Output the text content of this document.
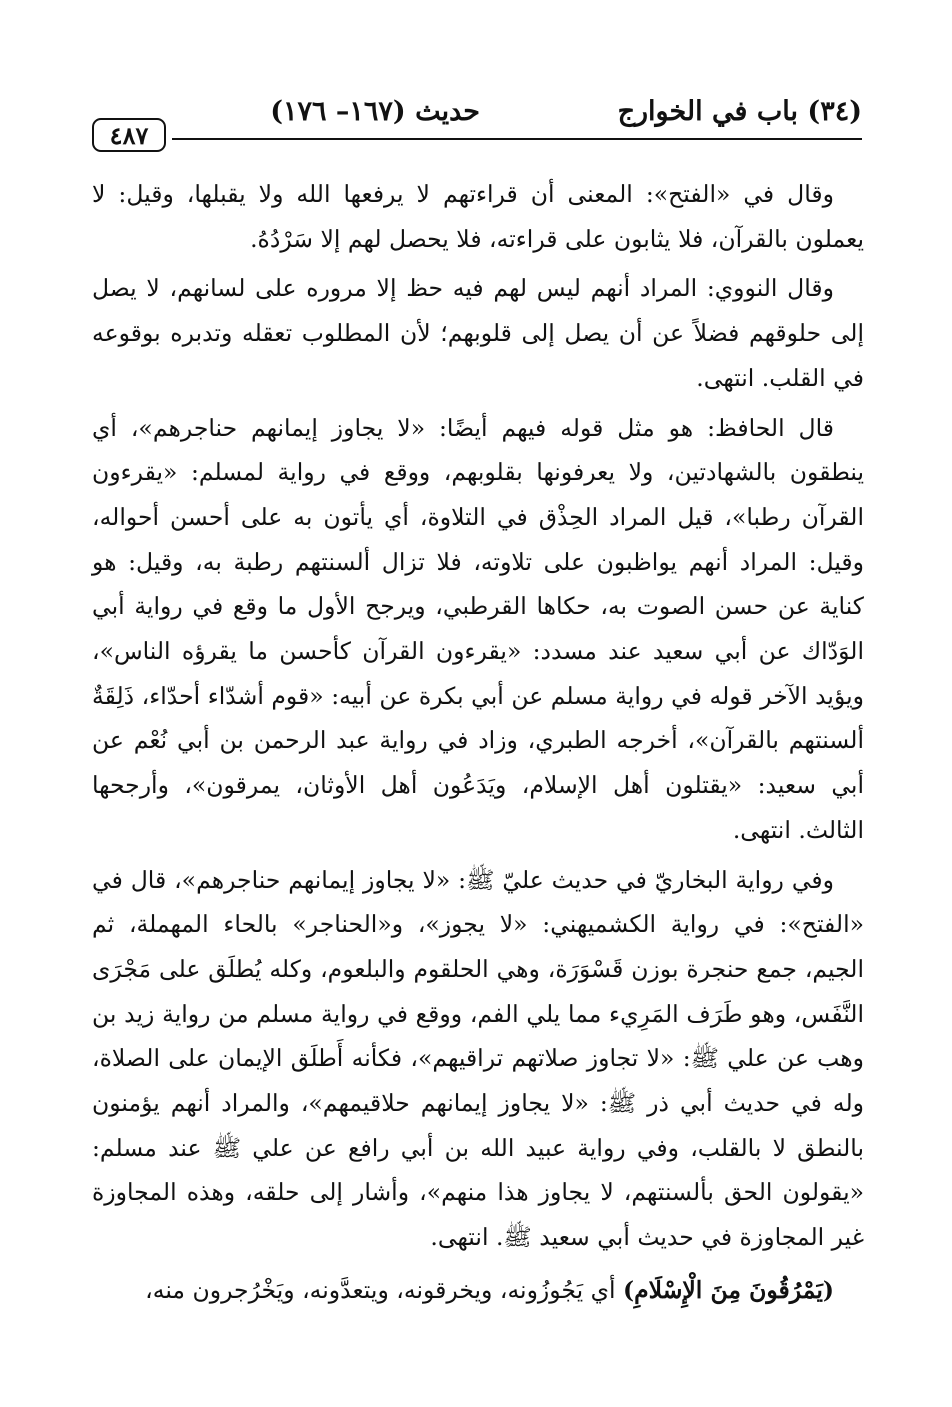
(٣٤) باب في الخوارج
حديث (١٦٧– ١٧٦)
٤٨٧

وقال في «الفتح»: المعنى أن قراءتهم لا يرفعها الله ولا يقبلها، وقيل: لا يعملون بالقرآن، فلا يثابون على قراءته، فلا يحصل لهم إلا سَرْدُهُ.

وقال النووي: المراد أنهم ليس لهم فيه حظ إلا مروره على لسانهم، لا يصل إلى حلوقهم فضلاً عن أن يصل إلى قلوبهم؛ لأن المطلوب تعقله وتدبره بوقوعه في القلب. انتهى.

قال الحافظ: هو مثل قوله فيهم أيضًا: «لا يجاوز إيمانهم حناجرهم»، أي ينطقون بالشهادتين، ولا يعرفونها بقلوبهم، ووقع في رواية لمسلم: «يقرءون القرآن رطبا»، قيل المراد الحِذْق في التلاوة، أي يأتون به على أحسن أحواله، وقيل: المراد أنهم يواظبون على تلاوته، فلا تزال ألسنتهم رطبة به، وقيل: هو كناية عن حسن الصوت به، حكاها القرطبي، ويرجح الأول ما وقع في رواية أبي الوَدّاك عن أبي سعيد عند مسدد: «يقرءون القرآن كأحسن ما يقرؤه الناس»، ويؤيد الآخر قوله في رواية مسلم عن أبي بكرة عن أبيه: «قوم أشدّاء أحدّاء، ذَلِقَةٌ ألسنتهم بالقرآن»، أخرجه الطبري، وزاد في رواية عبد الرحمن بن أبي نُعْم عن أبي سعيد: «يقتلون أهل الإسلام، ويَدَعُون أهل الأوثان، يمرقون»، وأرجحها الثالث. انتهى.

وفي رواية البخاريّ في حديث عليّ ﷺ: «لا يجاوز إيمانهم حناجرهم»، قال في «الفتح»: في رواية الكشميهني: «لا يجوز»، و«الحناجر» بالحاء المهملة، ثم الجيم، جمع حنجرة بوزن قَسْوَرَة، وهي الحلقوم والبلعوم، وكله يُطلَق على مَجْرَى النَّفَس، وهو طَرَف المَرِيء مما يلي الفم، ووقع في رواية مسلم من رواية زيد بن وهب عن علي ﷺ: «لا تجاوز صلاتهم تراقيهم»، فكأنه أَطلَق الإيمان على الصلاة، وله في حديث أبي ذر ﷺ: «لا يجاوز إيمانهم حلاقيمهم»، والمراد أنهم يؤمنون بالنطق لا بالقلب، وفي رواية عبيد الله بن أبي رافع عن علي ﷺ عند مسلم: «يقولون الحق بألسنتهم، لا يجاوز هذا منهم»، وأشار إلى حلقه، وهذه المجاوزة غير المجاوزة في حديث أبي سعيد ﷺ. انتهى.

(يَمْرُقُونَ مِنَ الْإِسْلَامِ) أي يَجُوزُونه، ويخرقونه، ويتعدَّونه، ويَخْرُجرون منه،
